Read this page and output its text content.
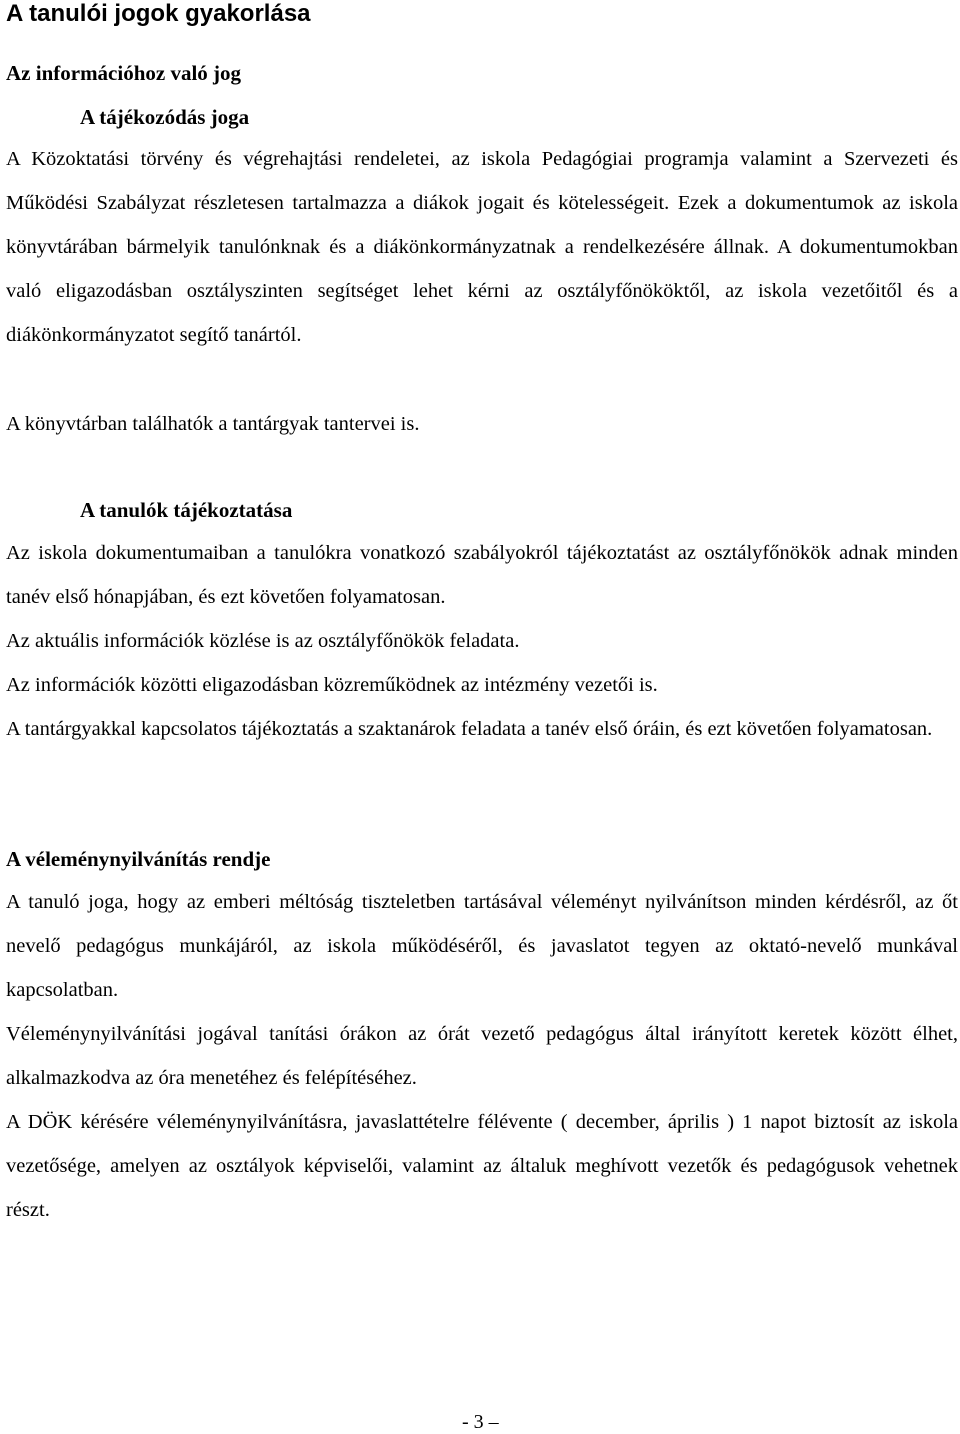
A tanulói jogok gyakorlása
Az információhoz való jog
A tájékozódás joga

A Közoktatási törvény és végrehajtási rendeletei, az iskola Pedagógiai programja valamint a Szervezeti és Működési Szabályzat részletesen tartalmazza a diákok jogait és kötelességeit. Ezek a dokumentumok az iskola könyvtárában bármelyik tanulónknak és a diákönkormányzatnak a rendelkezésére állnak. A dokumentumokban való eligazodásban osztályszinten segítséget lehet kérni az osztályfőnököktől, az iskola vezetőitől és a diákönkormányzatot segítő tanártól.

A könyvtárban találhatók a tantárgyak tantervei is.

A tanulók tájékoztatása

Az iskola dokumentumaiban a tanulókra vonatkozó szabályokról tájékoztatást az osztályfőnökök adnak minden tanév első hónapjában, és ezt követően folyamatosan.

Az aktuális információk közlése is az osztályfőnökök feladata.

Az információk közötti eligazodásban közreműködnek az intézmény vezetői is.

A tantárgyakkal kapcsolatos tájékoztatás a szaktanárok feladata a tanév első óráin, és ezt követően folyamatosan.

A véleménynyilvánítás rendje

A tanuló joga, hogy az emberi méltóság tiszteletben tartásával véleményt nyilvánítson minden kérdésről, az őt nevelő pedagógus munkájáról, az iskola működéséről, és javaslatot tegyen az oktató-nevelő munkával kapcsolatban.

Véleménynyilvánítási jogával tanítási órákon az órát vezető pedagógus által irányított keretek között élhet, alkalmazkodva az óra menetéhez és felépítéséhez.

A DÖK kérésére véleménynyilvánításra, javaslattételre félévente ( december, április ) 1 napot biztosít az iskola vezetősége, amelyen az osztályok képviselői, valamint az általuk meghívott vezetők és pedagógusok vehetnek részt.

- 3 –
